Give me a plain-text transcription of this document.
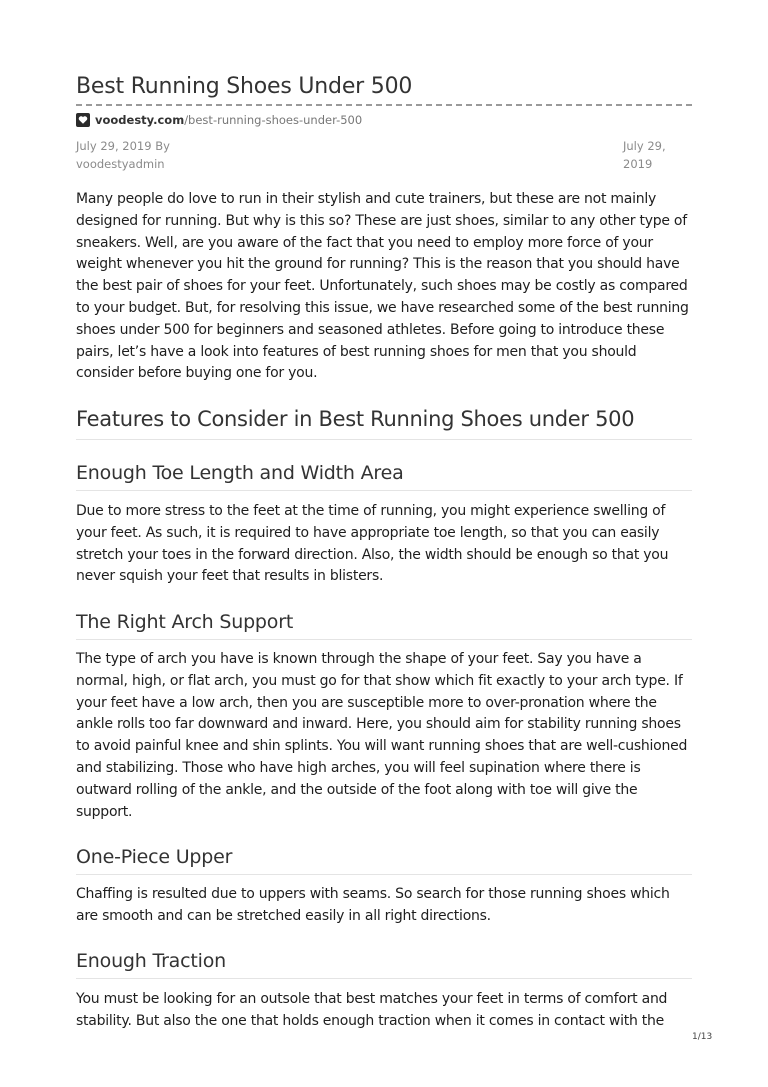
Best Running Shoes Under 500
voodesty.com /best-running-shoes-under-500
July 29, 2019 By
voodestyadmin
July 29,
2019

Many people do love to run in their stylish and cute trainers, but these are not mainly designed for running. But why is this so? These are just shoes, similar to any other type of sneakers. Well, are you aware of the fact that you need to employ more force of your weight whenever you hit the ground for running? This is the reason that you should have the best pair of shoes for your feet. Unfortunately, such shoes may be costly as compared to your budget. But, for resolving this issue, we have researched some of the best running shoes under 500 for beginners and seasoned athletes. Before going to introduce these pairs, let’s have a look into features of best running shoes for men that you should consider before buying one for you.

Features to Consider in Best Running Shoes under 500
Enough Toe Length and Width Area

Due to more stress to the feet at the time of running, you might experience swelling of your feet. As such, it is required to have appropriate toe length, so that you can easily stretch your toes in the forward direction. Also, the width should be enough so that you never squish your feet that results in blisters.

The Right Arch Support

The type of arch you have is known through the shape of your feet. Say you have a normal, high, or flat arch, you must go for that show which fit exactly to your arch type. If your feet have a low arch, then you are susceptible more to over-pronation where the ankle rolls too far downward and inward. Here, you should aim for stability running shoes to avoid painful knee and shin splints. You will want running shoes that are well-cushioned and stabilizing. Those who have high arches, you will feel supination where there is outward rolling of the ankle, and the outside of the foot along with toe will give the support.

One-Piece Upper

Chaffing is resulted due to uppers with seams. So search for those running shoes which are smooth and can be stretched easily in all right directions.

Enough Traction

You must be looking for an outsole that best matches your feet in terms of comfort and stability. But also the one that holds enough traction when it comes in contact with the

1/13
